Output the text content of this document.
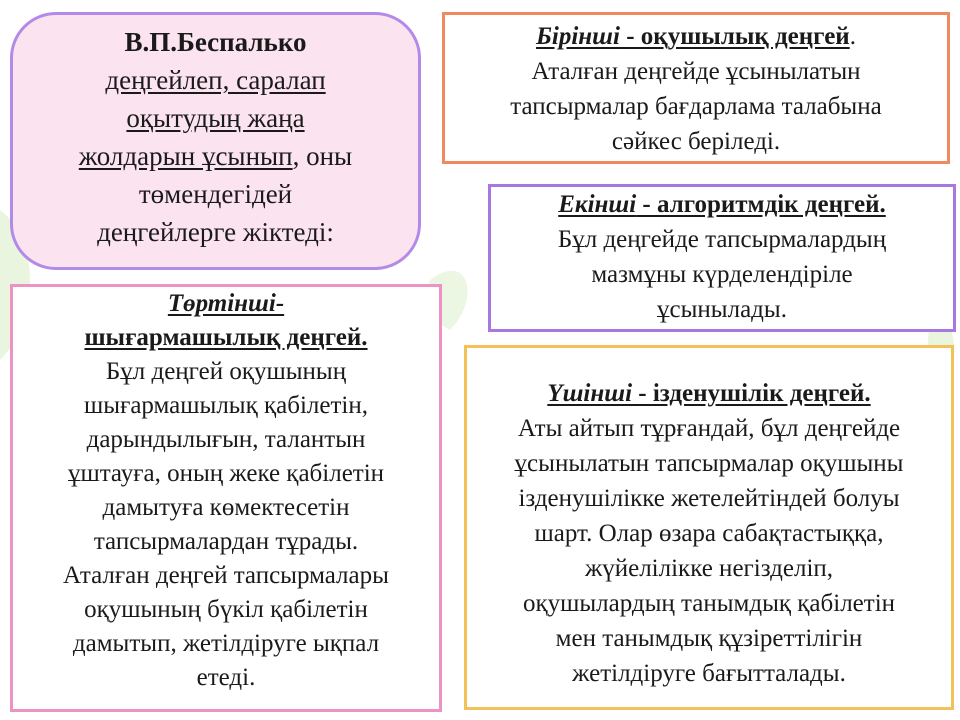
В.П.Беспалько
деңгейлеп, саралап
оқытудың жаңа
жолдарын ұсынып, оны
төмендегідей
деңгейлерге жіктеді:
Бірінші - оқушылық деңгей.
Аталған деңгейде ұсынылатын
тапсырмалар бағдарлама талабына
сәйкес беріледі.
Екінші - алгоритмдік деңгей.
Бұл деңгейде тапсырмалардың
мазмұны күрделендіріле
ұсынылады.
Үшінші - ізденушілік деңгей.
Аты айтып тұрғандай, бұл деңгейде
ұсынылатын тапсырмалар оқушыны
ізденушілікке жетелейтіндей болуы
шарт. Олар өзара сабақтастыққа,
жүйелілікке негізделіп,
оқушылардың танымдық қабілетін
мен танымдық құзіреттілігін
жетілдіруге бағытталады.
Төртінші-
шығармашылық деңгей.
Бұл деңгей оқушының
шығармашылық қабілетін,
дарындылығын, талантын
ұштауға, оның жеке қабілетін
дамытуға көмектесетін
тапсырмалардан тұрады.
Аталған деңгей тапсырмалары
оқушының бүкіл қабілетін
дамытып, жетілдіруге ықпал
етеді.
